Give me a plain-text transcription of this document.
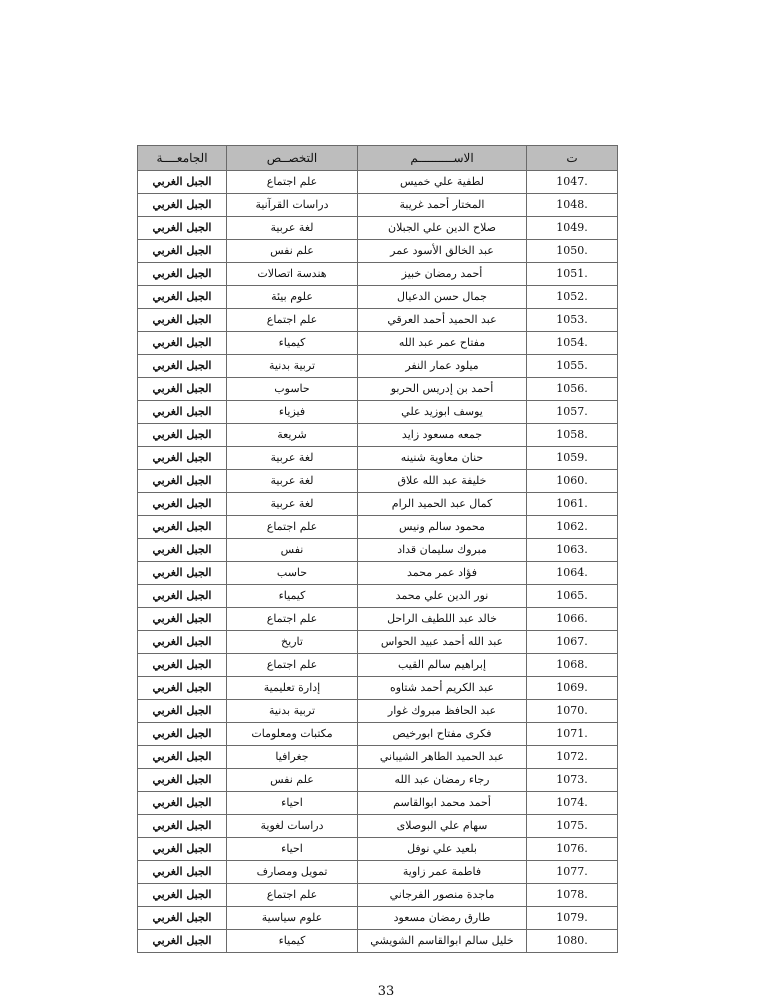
ت	الاســــــــــم	التخصــص	الجامعــــة
1047.	لطفية علي خميس	علم اجتماع	الجبل الغربي
1048.	المختار أحمد غريبة	دراسات القرآنية	الجبل الغربي
1049.	صلاح الدين علي الجبلان	لغة عربية	الجبل الغربي
1050.	عبد الخالق الأسود عمر	علم نفس	الجبل الغربي
1051.	أحمد رمضان خبيز	هندسة اتصالات	الجبل الغربي
1052.	جمال حسن الدعيال	علوم بيئة	الجبل الغربي
1053.	عبد الحميد أحمد العرقي	علم اجتماع	الجبل الغربي
1054.	مفتاح عمر عبد الله	كيمياء	الجبل الغربي
1055.	ميلود عمار النفر	تربية بدنية	الجبل الغربي
1056.	أحمد بن إدريس الحربو	حاسوب	الجبل الغربي
1057.	يوسف ابوزيد علي	فيزياء	الجبل الغربي
1058.	جمعه مسعود زايد	شريعة	الجبل الغربي
1059.	حنان معاوية شنينه	لغة عربية	الجبل الغربي
1060.	خليفة عبد الله علاق	لغة عربية	الجبل الغربي
1061.	كمال عبد الحميد الرام	لغة عربية	الجبل الغربي
1062.	محمود سالم ونيس	علم اجتماع	الجبل الغربي
1063.	مبروك سليمان قداد	نفس	الجبل الغربي
1064.	فؤاد عمر محمد	حاسب	الجبل الغربي
1065.	نور الدين علي محمد	كيمياء	الجبل الغربي
1066.	خالد عبد اللطيف الراحل	علم اجتماع	الجبل الغربي
1067.	عبد الله أحمد عبيد الحواس	تاريخ	الجبل الغربي
1068.	إبراهيم سالم القيب	علم اجتماع	الجبل الغربي
1069.	عبد الكريم أحمد شتاوه	إدارة تعليمية	الجبل الغربي
1070.	عبد الحافظ مبروك غوار	تربية بدنية	الجبل الغربي
1071.	فكرى مفتاح ابورخيص	مكتبات ومعلومات	الجبل الغربي
1072.	عبد الحميد الطاهر الشيباني	جغرافيا	الجبل الغربي
1073.	رجاء رمضان عبد الله	علم نفس	الجبل الغربي
1074.	أحمد محمد ابوالقاسم	احياء	الجبل الغربي
1075.	سهام علي البوصلاى	دراسات لغوية	الجبل الغربي
1076.	بلعيد علي نوفل	احياء	الجبل الغربي
1077.	فاطمة عمر زاوية	تمويل ومصارف	الجبل الغربي
1078.	ماجدة منصور الفرجاني	علم اجتماع	الجبل الغربي
1079.	طارق رمضان مسعود	علوم سياسية	الجبل الغربي
1080.	خليل سالم ابوالقاسم الشويشي	كيمياء	الجبل الغربي
33
